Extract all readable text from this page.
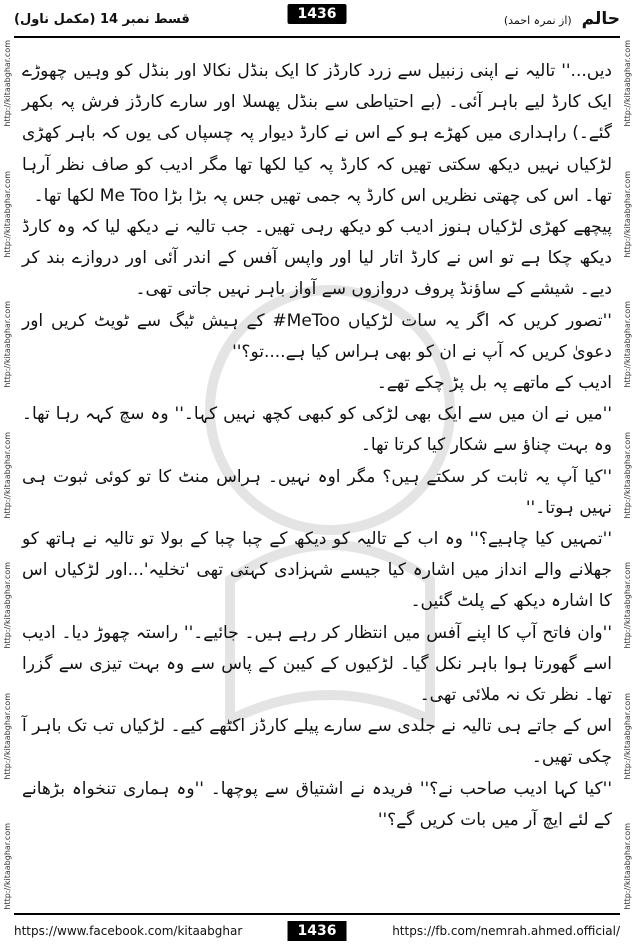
قسط نمبر 14 (مکمل ناول)	حالم (از نمرہ احمد)
1436
http://kitaabghar.com
http://kitaabghar.com
http://kitaabghar.com
http://kitaabghar.com
http://kitaabghar.com
http://kitaabghar.com
http://kitaabghar.com
http://kitaabghar.com
http://kitaabghar.com
http://kitaabghar.com
http://kitaabghar.com
http://kitaabghar.com
http://kitaabghar.com
http://kitaabghar.com

دیں...'' تالیہ نے اپنی زنبیل سے زرد کارڈز کا ایک بنڈل نکالا اور بنڈل کو وہیں چھوڑے ایک کارڈ لیے باہر آئی۔ (بے احتیاطی سے بنڈل پھسلا اور سارے کارڈز فرش پہ بکھر گئے۔) راہداری میں کھڑے ہو کے اس نے کارڈ دیوار پہ چسپاں کی یوں کہ باہر کھڑی لڑکیاں نہیں دیکھ سکتی تھیں کہ کارڈ پہ کیا لکھا تھا مگر ادیب کو صاف نظر آرہا تھا۔ اس کی چھتی نظریں اس کارڈ پہ جمی تھیں جس پہ بڑا بڑا Me Too لکھا تھا۔

پیچھے کھڑی لڑکیاں ہنوز ادیب کو دیکھ رہی تھیں۔ جب تالیہ نے دیکھ لیا کہ وہ کارڈ دیکھ چکا ہے تو اس نے کارڈ اتار لیا اور واپس آفس کے اندر آئی اور دروازے بند کر دیے۔ شیشے کے ساؤنڈ پروف دروازوں سے آواز باہر نہیں جاتی تھی۔

''تصور کریں کہ اگر یہ سات لڑکیاں MeToo# کے ہیش ٹیگ سے ٹویٹ کریں اور دعویٰ کریں کہ آپ نے ان کو بھی ہراس کیا ہے....تو؟''

ادیب کے ماتھے پہ بل پڑ چکے تھے۔

''میں نے ان میں سے ایک بھی لڑکی کو کبھی کچھ نہیں کہا۔'' وہ سچ کہہ رہا تھا۔ وہ بہت چناؤ سے شکار کیا کرتا تھا۔

''کیا آپ یہ ثابت کر سکتے ہیں؟ مگر اوہ نہیں۔ ہراس منٹ کا تو کوئی ثبوت ہی نہیں ہوتا۔''

''تمہیں کیا چاہیے؟'' وہ اب کے تالیہ کو دیکھ کے چبا چبا کے بولا تو تالیہ نے ہاتھ کو جھلانے والے انداز میں اشارہ کیا جیسے شہزادی کہتی تھی 'تخلیہ'...اور لڑکیاں اس کا اشارہ دیکھ کے پلٹ گئیں۔

''وان فاتح آپ کا اپنے آفس میں انتظار کر رہے ہیں۔ جائیے۔'' راستہ چھوڑ دیا۔ ادیب اسے گھورتا ہوا باہر نکل گیا۔ لڑکیوں کے کیبن کے پاس سے وہ بہت تیزی سے گزرا تھا۔ نظر تک نہ ملائی تھی۔

اس کے جاتے ہی تالیہ نے جلدی سے سارے پیلے کارڈز اکٹھے کیے۔ لڑکیاں تب تک باہر آ چکی تھیں۔

''کیا کہا ادیب صاحب نے؟'' فریدہ نے اشتیاق سے پوچھا۔ ''وہ ہماری تنخواہ بڑھانے کے لئے ایچ آر میں بات کریں گے؟''

https://www.facebook.com/kitaabghar	1436	https://fb.com/nemrah.ahmed.official/
